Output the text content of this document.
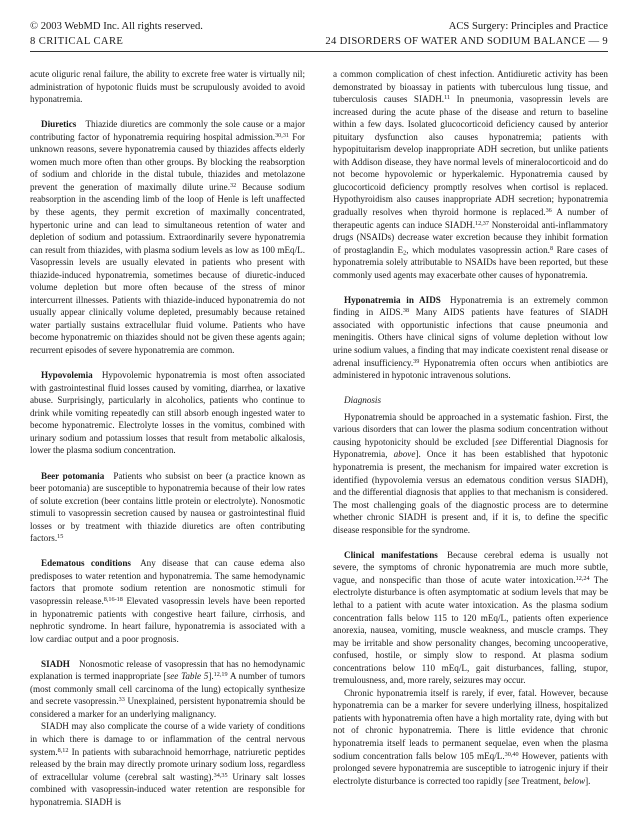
© 2003 WebMD Inc. All rights reserved.	ACS Surgery: Principles and Practice
8 CRITICAL CARE	24 DISORDERS OF WATER AND SODIUM BALANCE — 9

acute oliguric renal failure, the ability to excrete free water is virtually nil; administration of hypotonic fluids must be scrupulously avoided to avoid hyponatremia.

Diuretics  Thiazide diuretics are commonly the sole cause or a major contributing factor of hyponatremia requiring hospital admission.$^{30,31}$ For unknown reasons, severe hyponatremia caused by thiazides affects elderly women much more often than other groups. By blocking the reabsorption of sodium and chloride in the distal tubule, thiazides and metolazone prevent the generation of maximally dilute urine.$^{32}$ Because sodium reabsorption in the ascending limb of the loop of Henle is left unaffected by these agents, they permit excretion of maximally concentrated, hypertonic urine and can lead to simultaneous retention of water and depletion of sodium and potassium. Extraordinarily severe hyponatremia can result from thiazides, with plasma sodium levels as low as 100 mEq/L. Vasopressin levels are usually elevated in patients who present with thiazide-induced hyponatremia, sometimes because of diuretic-induced volume depletion but more often because of the stress of minor intercurrent illnesses. Patients with thiazide-induced hyponatremia do not usually appear clinically volume depleted, presumably because retained water partially sustains extracellular fluid volume. Patients who have become hyponatremic on thiazides should not be given these agents again; recurrent episodes of severe hyponatremia are common.

Hypovolemia  Hypovolemic hyponatremia is most often associated with gastrointestinal fluid losses caused by vomiting, diarrhea, or laxative abuse. Surprisingly, particularly in alcoholics, patients who continue to drink while vomiting repeatedly can still absorb enough ingested water to become hyponatremic. Electrolyte losses in the vomitus, combined with urinary sodium and potassium losses that result from metabolic alkalosis, lower the plasma sodium concentration.

Beer potomania  Patients who subsist on beer (a practice known as beer potomania) are susceptible to hyponatremia because of their low rates of solute excretion (beer contains little protein or electrolyte). Nonosmotic stimuli to vasopressin secretion caused by nausea or gastrointestinal fluid losses or by treatment with thiazide diuretics are often contributing factors.$^{15}$

Edematous conditions  Any disease that can cause edema also predisposes to water retention and hyponatremia. The same hemodynamic factors that promote sodium retention are nonosmotic stimuli for vasopressin release.$^{8,16-18}$ Elevated vasopressin levels have been reported in hyponatremic patients with congestive heart failure, cirrhosis, and nephrotic syndrome. In heart failure, hyponatremia is associated with a low cardiac output and a poor prognosis.

SIADH  Nonosmotic release of vasopressin that has no hemodynamic explanation is termed inappropriate [see Table 5].$^{12,19}$ A number of tumors (most commonly small cell carcinoma of the lung) ectopically synthesize and secrete vasopressin.$^{33}$ Unexplained, persistent hyponatremia should be considered a marker for an underlying malignancy.

SIADH may also complicate the course of a wide variety of conditions in which there is damage to or inflammation of the central nervous system.$^{8,12}$ In patients with subarachnoid hemorrhage, natriuretic peptides released by the brain may directly promote urinary sodium loss, regardless of extracellular volume (cerebral salt wasting).$^{34,35}$ Urinary salt losses combined with vasopressin-induced water retention are responsible for hyponatremia. SIADH is

a common complication of chest infection. Antidiuretic activity has been demonstrated by bioassay in patients with tuberculous lung tissue, and tuberculosis causes SIADH.$^{11}$ In pneumonia, vasopressin levels are increased during the acute phase of the disease and return to baseline within a few days. Isolated glucocorticoid deficiency caused by anterior pituitary dysfunction also causes hyponatremia; patients with hypopituitarism develop inappropriate ADH secretion, but unlike patients with Addison disease, they have normal levels of mineralocorticoid and do not become hypovolemic or hyperkalemic. Hyponatremia caused by glucocorticoid deficiency promptly resolves when cortisol is replaced. Hypothyroidism also causes inappropriate ADH secretion; hyponatremia gradually resolves when thyroid hormone is replaced.$^{36}$ A number of therapeutic agents can induce SIADH.$^{12,37}$ Nonsteroidal anti-inflammatory drugs (NSAIDs) decrease water excretion because they inhibit formation of prostaglandin $E_2$, which modulates vasopressin action.$^8$ Rare cases of hyponatremia solely attributable to NSAIDs have been reported, but these commonly used agents may exacerbate other causes of hyponatremia.

Hyponatremia in AIDS  Hyponatremia is an extremely common finding in AIDS.$^{38}$ Many AIDS patients have features of SIADH associated with opportunistic infections that cause pneumonia and meningitis. Others have clinical signs of volume depletion without low urine sodium values, a finding that may indicate coexistent renal disease or adrenal insufficiency.$^{39}$ Hyponatremia often occurs when antibiotics are administered in hypotonic intravenous solutions.

Diagnosis

Hyponatremia should be approached in a systematic fashion. First, the various disorders that can lower the plasma sodium concentration without causing hypotonicity should be excluded [see Differential Diagnosis for Hyponatremia, above]. Once it has been established that hypotonic hyponatremia is present, the mechanism for impaired water excretion is identified (hypovolemia versus an edematous condition versus SIADH), and the differential diagnosis that applies to that mechanism is considered. The most challenging goals of the diagnostic process are to determine whether chronic SIADH is present and, if it is, to define the specific disease responsible for the syndrome.

Clinical manifestations  Because cerebral edema is usually not severe, the symptoms of chronic hyponatremia are much more subtle, vague, and nonspecific than those of acute water intoxication.$^{12,24}$ The electrolyte disturbance is often asymptomatic at sodium levels that may be lethal to a patient with acute water intoxication. As the plasma sodium concentration falls below 115 to 120 mEq/L, patients often experience anorexia, nausea, vomiting, muscle weakness, and muscle cramps. They may be irritable and show personality changes, becoming uncooperative, confused, hostile, or simply slow to respond. At plasma sodium concentrations below 110 mEq/L, gait disturbances, falling, stupor, tremulousness, and, more rarely, seizures may occur.

Chronic hyponatremia itself is rarely, if ever, fatal. However, because hyponatremia can be a marker for severe underlying illness, hospitalized patients with hyponatremia often have a high mortality rate, dying with but not of chronic hyponatremia. There is little evidence that chronic hyponatremia itself leads to permanent sequelae, even when the plasma sodium concentration falls below 105 mEq/L.$^{30,40}$ However, patients with prolonged severe hyponatremia are susceptible to iatrogenic injury if their electrolyte disturbance is corrected too rapidly [see Treatment, below].
